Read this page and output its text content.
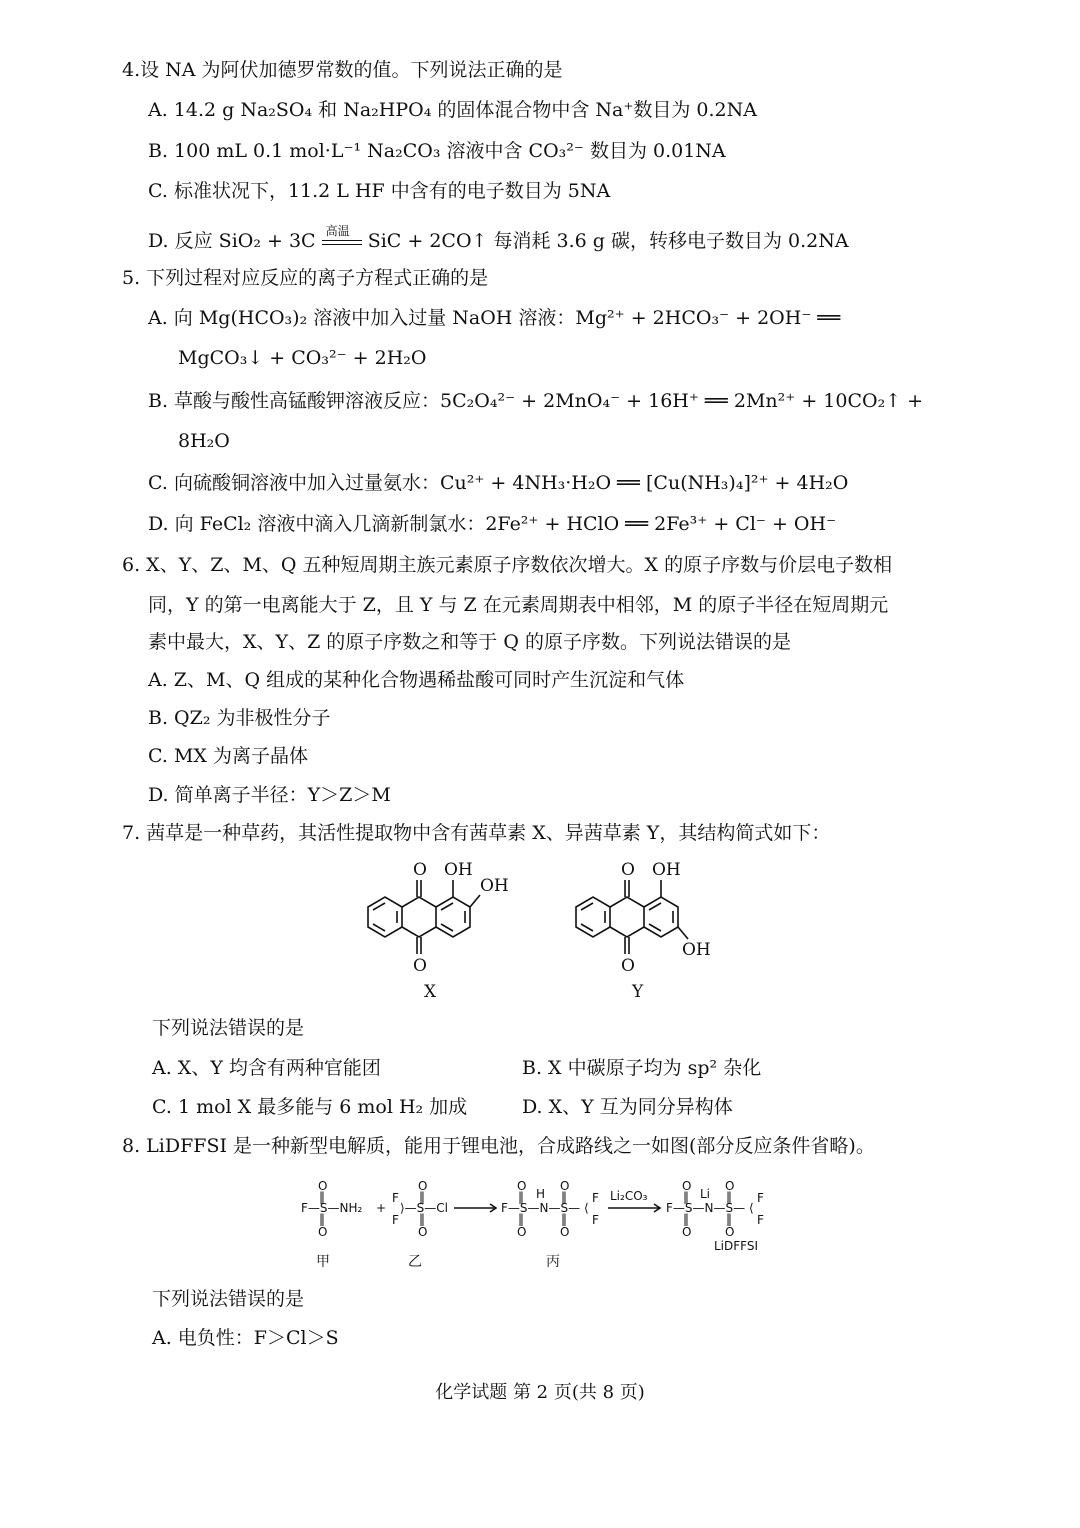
4.设 NA 为阿伏加德罗常数的值。下列说法正确的是
A. 14.2 g Na₂SO₄ 和 Na₂HPO₄ 的固体混合物中含 Na⁺数目为 0.2NA
B. 100 mL 0.1 mol·L⁻¹ Na₂CO₃ 溶液中含 CO₃²⁻ 数目为 0.01NA
C. 标准状况下，11.2 L HF 中含有的电子数目为 5NA
D. 反应 SiO₂ + 3C 高温 SiC + 2CO↑ 每消耗 3.6 g 碳，转移电子数目为 0.2NA
5. 下列过程对应反应的离子方程式正确的是
A. 向 Mg(HCO₃)₂ 溶液中加入过量 NaOH 溶液：Mg²⁺ + 2HCO₃⁻ + 2OH⁻ ══
MgCO₃↓ + CO₃²⁻ + 2H₂O
B. 草酸与酸性高锰酸钾溶液反应：5C₂O₄²⁻ + 2MnO₄⁻ + 16H⁺ ══ 2Mn²⁺ + 10CO₂↑ +
8H₂O
C. 向硫酸铜溶液中加入过量氨水：Cu²⁺ + 4NH₃·H₂O ══ [Cu(NH₃)₄]²⁺ + 4H₂O
D. 向 FeCl₂ 溶液中滴入几滴新制氯水：2Fe²⁺ + HClO ══ 2Fe³⁺ + Cl⁻ + OH⁻
6. X、Y、Z、M、Q 五种短周期主族元素原子序数依次增大。X 的原子序数与价层电子数相
同，Y 的第一电离能大于 Z，且 Y 与 Z 在元素周期表中相邻，M 的原子半径在短周期元
素中最大，X、Y、Z 的原子序数之和等于 Q 的原子序数。下列说法错误的是
A. Z、M、Q 组成的某种化合物遇稀盐酸可同时产生沉淀和气体
B. QZ₂ 为非极性分子
C. MX 为离子晶体
D. 简单离子半径：Y＞Z＞M
7. 茜草是一种草药，其活性提取物中含有茜草素 X、异茜草素 Y，其结构简式如下：
O OH
OH
O
X
O OH
OH
O
Y
下列说法错误的是
A. X、Y 均含有两种官能团	B. X 中碳原子均为 sp² 杂化
C. 1 mol X 最多能与 6 mol H₂ 加成	D. X、Y 互为同分异构体
8. LiDFFSI 是一种新型电解质，能用于锂电池，合成路线之一如图(部分反应条件省略)。
F—S—NH₂
O
‖
‖
O
甲
+
F
F
⟩—S—Cl
O
‖
‖
O
乙
F—S—N—S—
O
‖
‖
O
H
O
‖
‖
O
⟨
F
F
丙
Li₂CO₃
F—S—N—S—
O
‖
‖
O
Li
O
‖
‖
O
⟨
F
F
LiDFFSI
下列说法错误的是
A. 电负性：F＞Cl＞S
化学试题 第 2 页(共 8 页)
